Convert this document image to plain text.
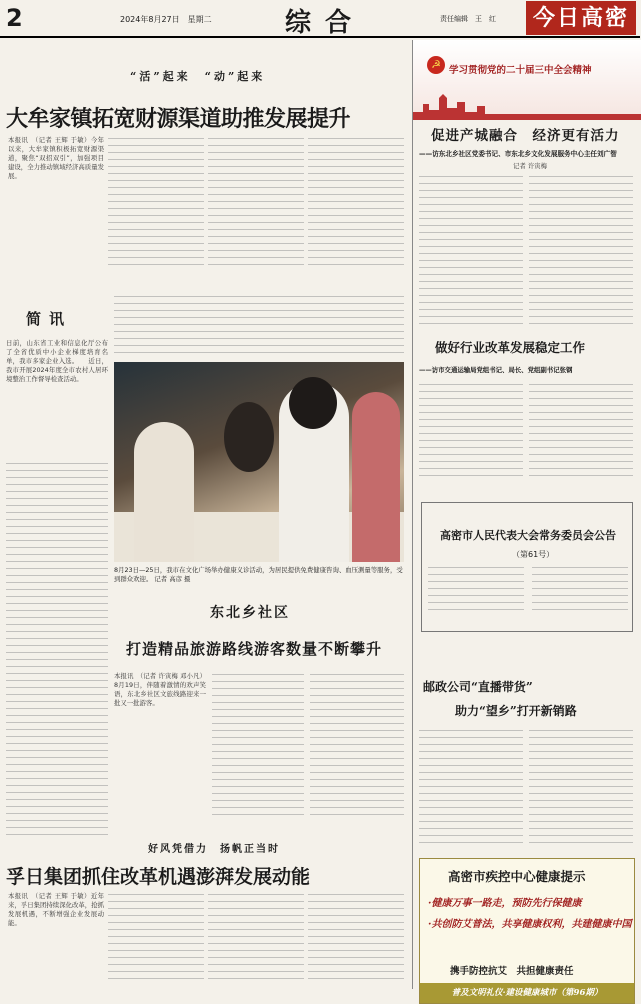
2	2024年8月27日　星期二	综合	责任编辑　王　红	今日高密
“活”起来　“动”起来
大牟家镇拓宽财源渠道助推发展提升
本报讯　（记者 王辉 于敏）今年以来，大牟家镇积极拓宽财源渠道，聚焦“双招双引”，加强项目建设，全力推动镇域经济高质量发展。
简讯
日前，山东省工业和信息化厅公布了全省优质中小企业梯度培育名单，我市多家企业入选。　　近日，我市开展2024年度全市农村人居环境整治工作督导检查活动。
8月23日—25日，我市在文化广场举办健康义诊活动，为居民提供免费健康咨询、血压测量等服务，受到群众欢迎。 记者 高彦 摄
东北乡社区
打造精品旅游路线游客数量不断攀升
本报讯　（记者 许寅梅 邓小凡）8月19日，伴随着激情的欢声笑语，东北乡社区文旅线路迎来一批又一批游客。
好风凭借力　扬帆正当时
孚日集团抓住改革机遇澎湃发展动能
本报讯　（记者 王辉 于敏）近年来，孚日集团持续深化改革，抢抓发展机遇，不断增强企业发展动能。
☭ 学习贯彻党的二十届三中全会精神
促进产城融合　经济更有活力
——访东北乡社区党委书记、市东北乡文化发展服务中心主任刘广智
记者 许寅梅
做好行业改革发展稳定工作
——访市交通运输局党组书记、局长、党组副书记张钢
高密市人民代表大会常务委员会公告
（第61号）
邮政公司“直播带货”
助力“望乡”打开新销路
高密市疾控中心健康提示
·健康万事一路走，预防先行保健康
·共创防艾普法，共享健康权利，共建健康中国
携手防控抗艾　共担健康责任
普及文明礼仪·建设健康城市（第96期）
